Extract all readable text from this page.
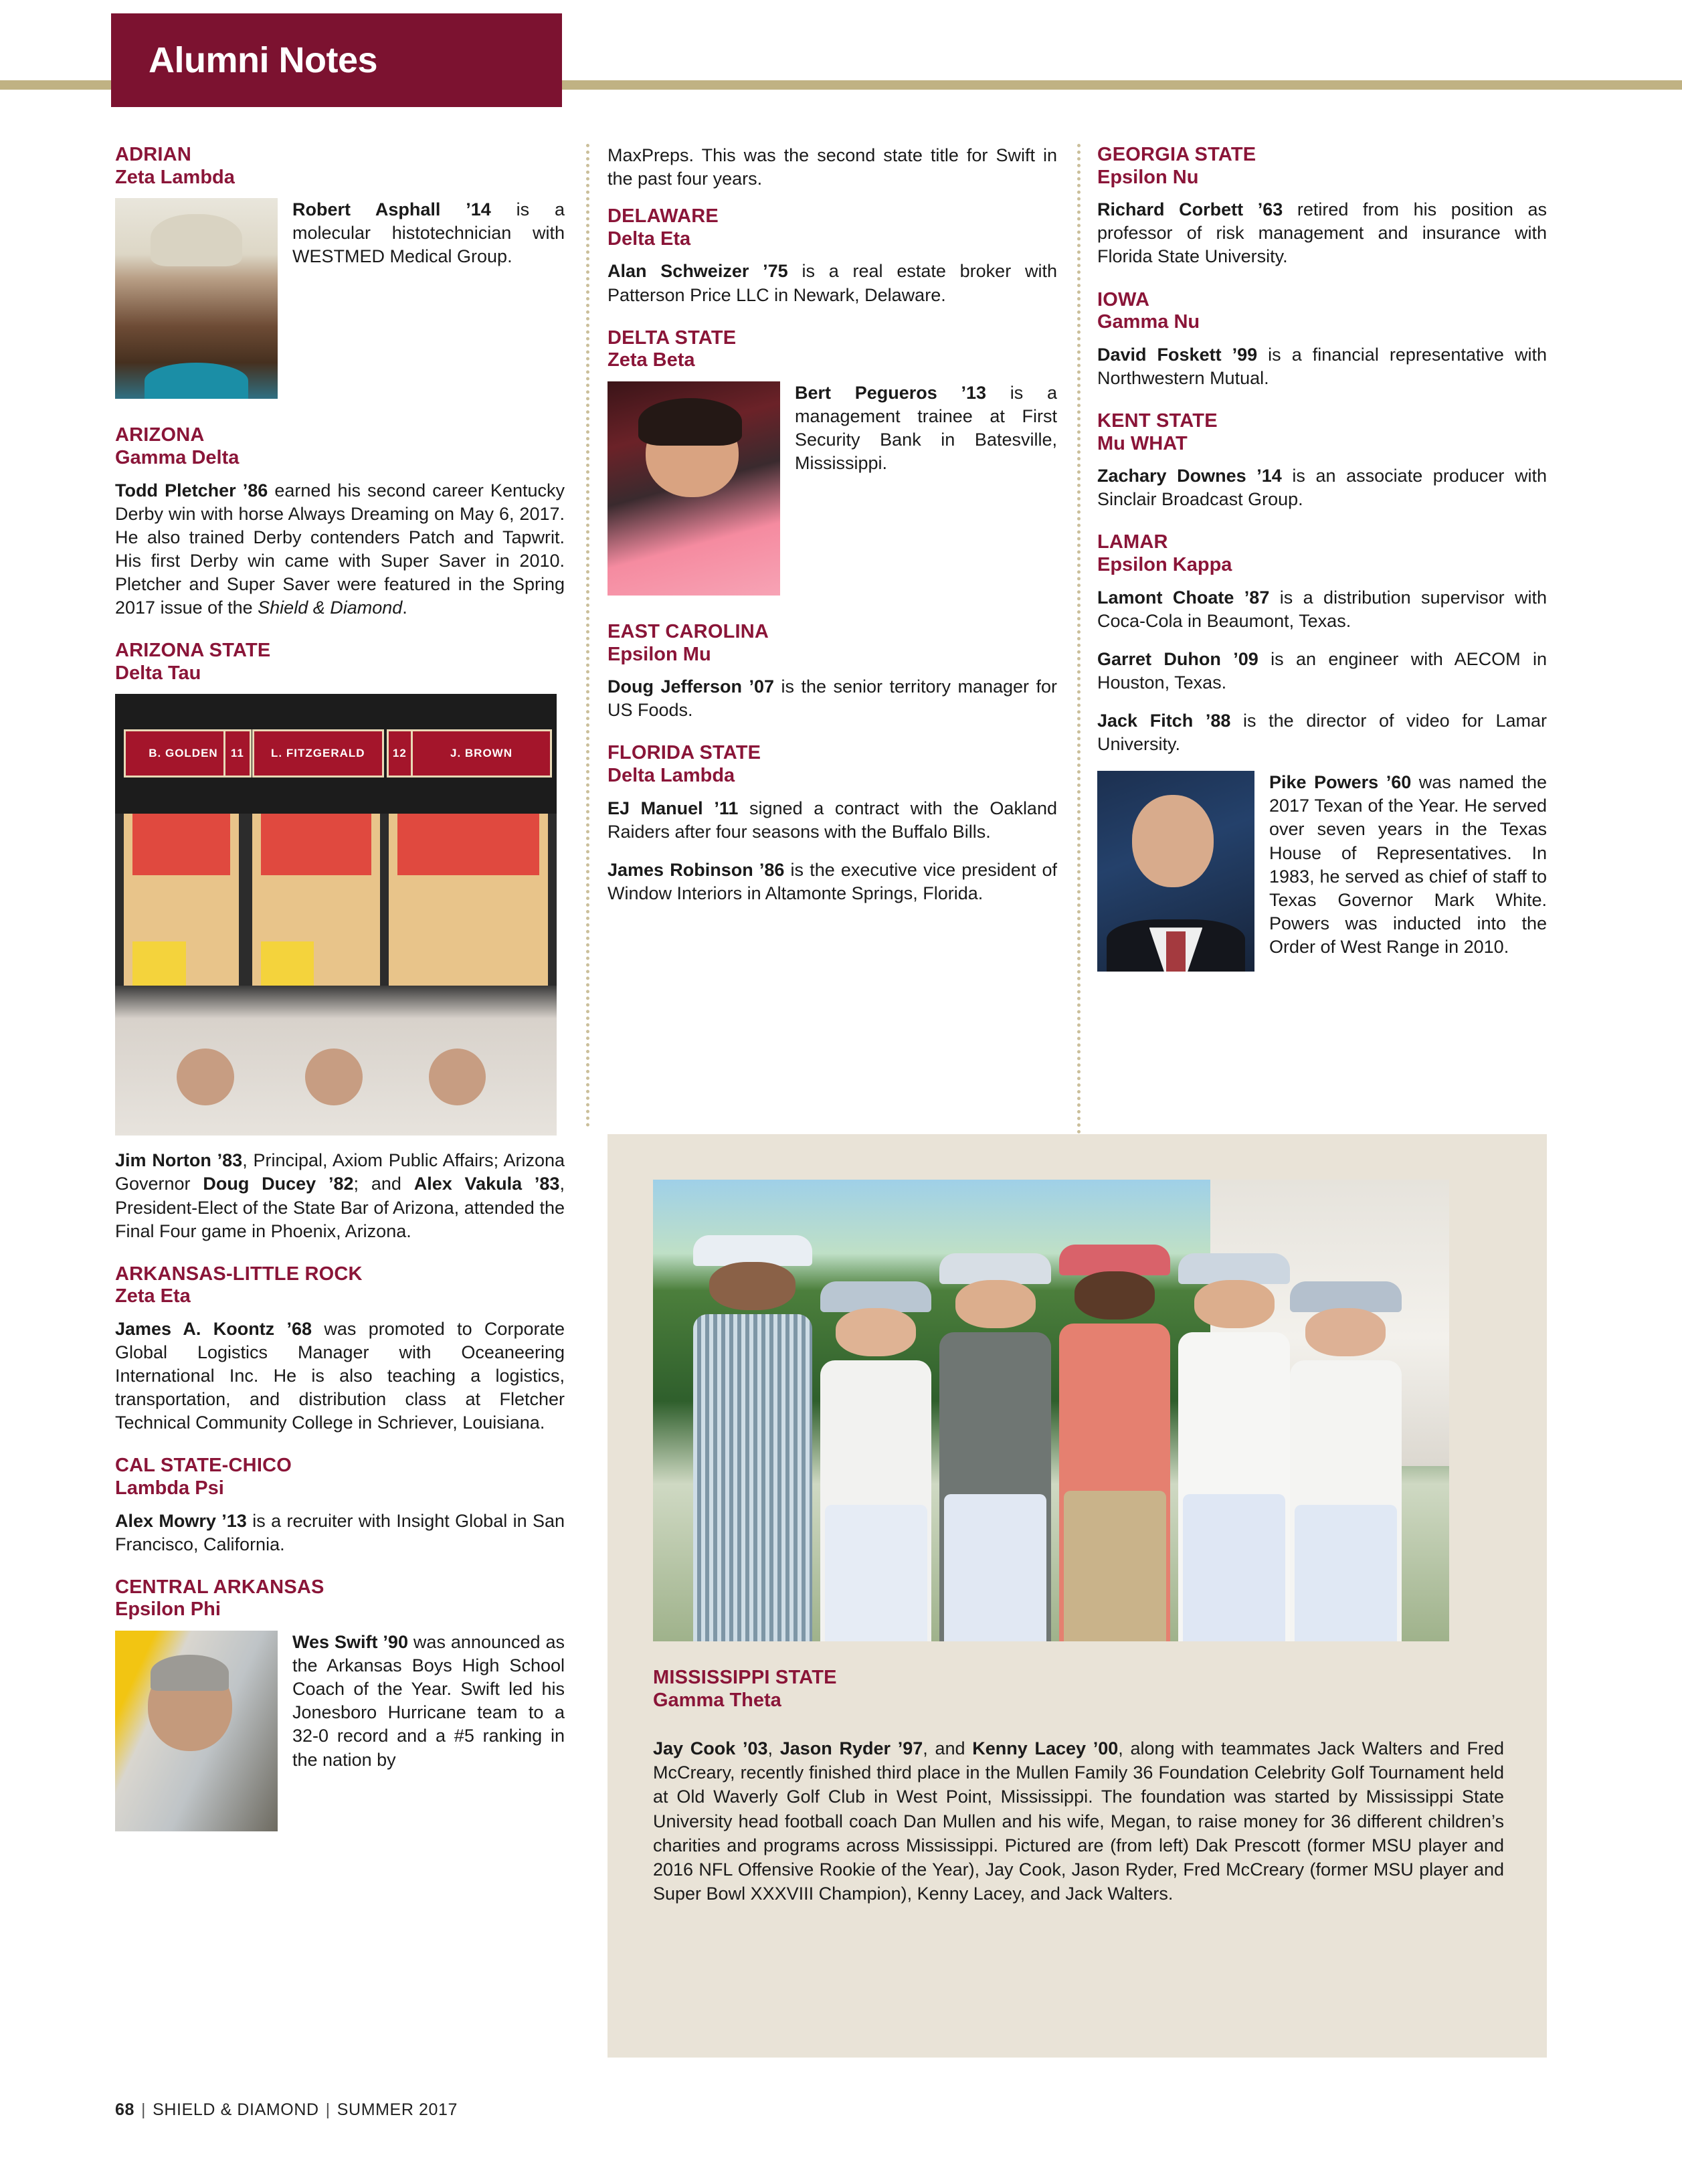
Alumni Notes
ADRIAN
Zeta Lambda

Robert Asphall ’14 is a molecular histotechnician with WESTMED Medical Group.

ARIZONA
Gamma Delta

Todd Pletcher ’86 earned his second career Kentucky Derby win with horse Always Dreaming on May 6, 2017. He also trained Derby contenders Patch and Tapwrit. His first Derby win came with Super Saver in 2010. Pletcher and Super Saver were featured in the Spring 2017 issue of the Shield & Diamond.

ARIZONA STATE
Delta Tau
B. GOLDEN	11	L. FITZGERALD	12	J. BROWN

Jim Norton ’83, Principal, Axiom Public Affairs; Arizona Governor Doug Ducey ’82; and Alex Vakula ’83, President-Elect of the State Bar of Arizona, attended the Final Four game in Phoenix, Arizona.

ARKANSAS-LITTLE ROCK
Zeta Eta

James A. Koontz ’68 was promoted to Corporate Global Logistics Manager with Oceaneering International Inc. He is also teaching a logistics, transportation, and distribution class at Fletcher Technical Community College in Schriever, Louisiana.

CAL STATE-CHICO
Lambda Psi

Alex Mowry ’13 is a recruiter with Insight Global in San Francisco, California.

CENTRAL ARKANSAS
Epsilon Phi

Wes Swift ’90 was announced as the Arkansas Boys High School Coach of the Year. Swift led his Jonesboro Hurricane team to a 32-0 record and a #5 ranking in the nation by

MaxPreps. This was the second state title for Swift in the past four years.

DELAWARE
Delta Eta

Alan Schweizer ’75 is a real estate broker with Patterson Price LLC in Newark, Delaware.

DELTA STATE
Zeta Beta

Bert Pegueros ’13 is a management trainee at First Security Bank in Batesville, Mississippi.

EAST CAROLINA
Epsilon Mu

Doug Jefferson ’07 is the senior territory manager for US Foods.

FLORIDA STATE
Delta Lambda

EJ Manuel ’11 signed a contract with the Oakland Raiders after four seasons with the Buffalo Bills.

James Robinson ’86 is the executive vice president of Window Interiors in Altamonte Springs, Florida.

GEORGIA STATE
Epsilon Nu

Richard Corbett ’63 retired from his position as professor of risk management and insurance with Florida State University.

IOWA
Gamma Nu

David Foskett ’99 is a financial representative with Northwestern Mutual.

KENT STATE
Mu WHAT

Zachary Downes ’14 is an associate producer with Sinclair Broadcast Group.

LAMAR
Epsilon Kappa

Lamont Choate ’87 is a distribution supervisor with Coca-Cola in Beaumont, Texas.

Garret Duhon ’09 is an engineer with AECOM in Houston, Texas.

Jack Fitch ’88 is the director of video for Lamar University.

Pike Powers ’60 was named the 2017 Texan of the Year. He served over seven years in the Texas House of Representatives. In 1983, he served as chief of staff to Texas Governor Mark White. Powers was inducted into the Order of West Range in 2010.

MISSISSIPPI STATE
Gamma Theta
Jay Cook ’03, Jason Ryder ’97, and Kenny Lacey ’00, along with teammates Jack Walters and Fred McCreary, recently finished third place in the Mullen Family 36 Foundation Celebrity Golf Tournament held at Old Waverly Golf Club in West Point, Mississippi. The foundation was started by Mississippi State University head football coach Dan Mullen and his wife, Megan, to raise money for 36 different children’s charities and programs across Mississippi. Pictured are (from left) Dak Prescott (former MSU player and 2016 NFL Offensive Rookie of the Year), Jay Cook, Jason Ryder, Fred McCreary (former MSU player and Super Bowl XXXVIII Champion), Kenny Lacey, and Jack Walters.
68 | SHIELD & DIAMOND | SUMMER 2017
